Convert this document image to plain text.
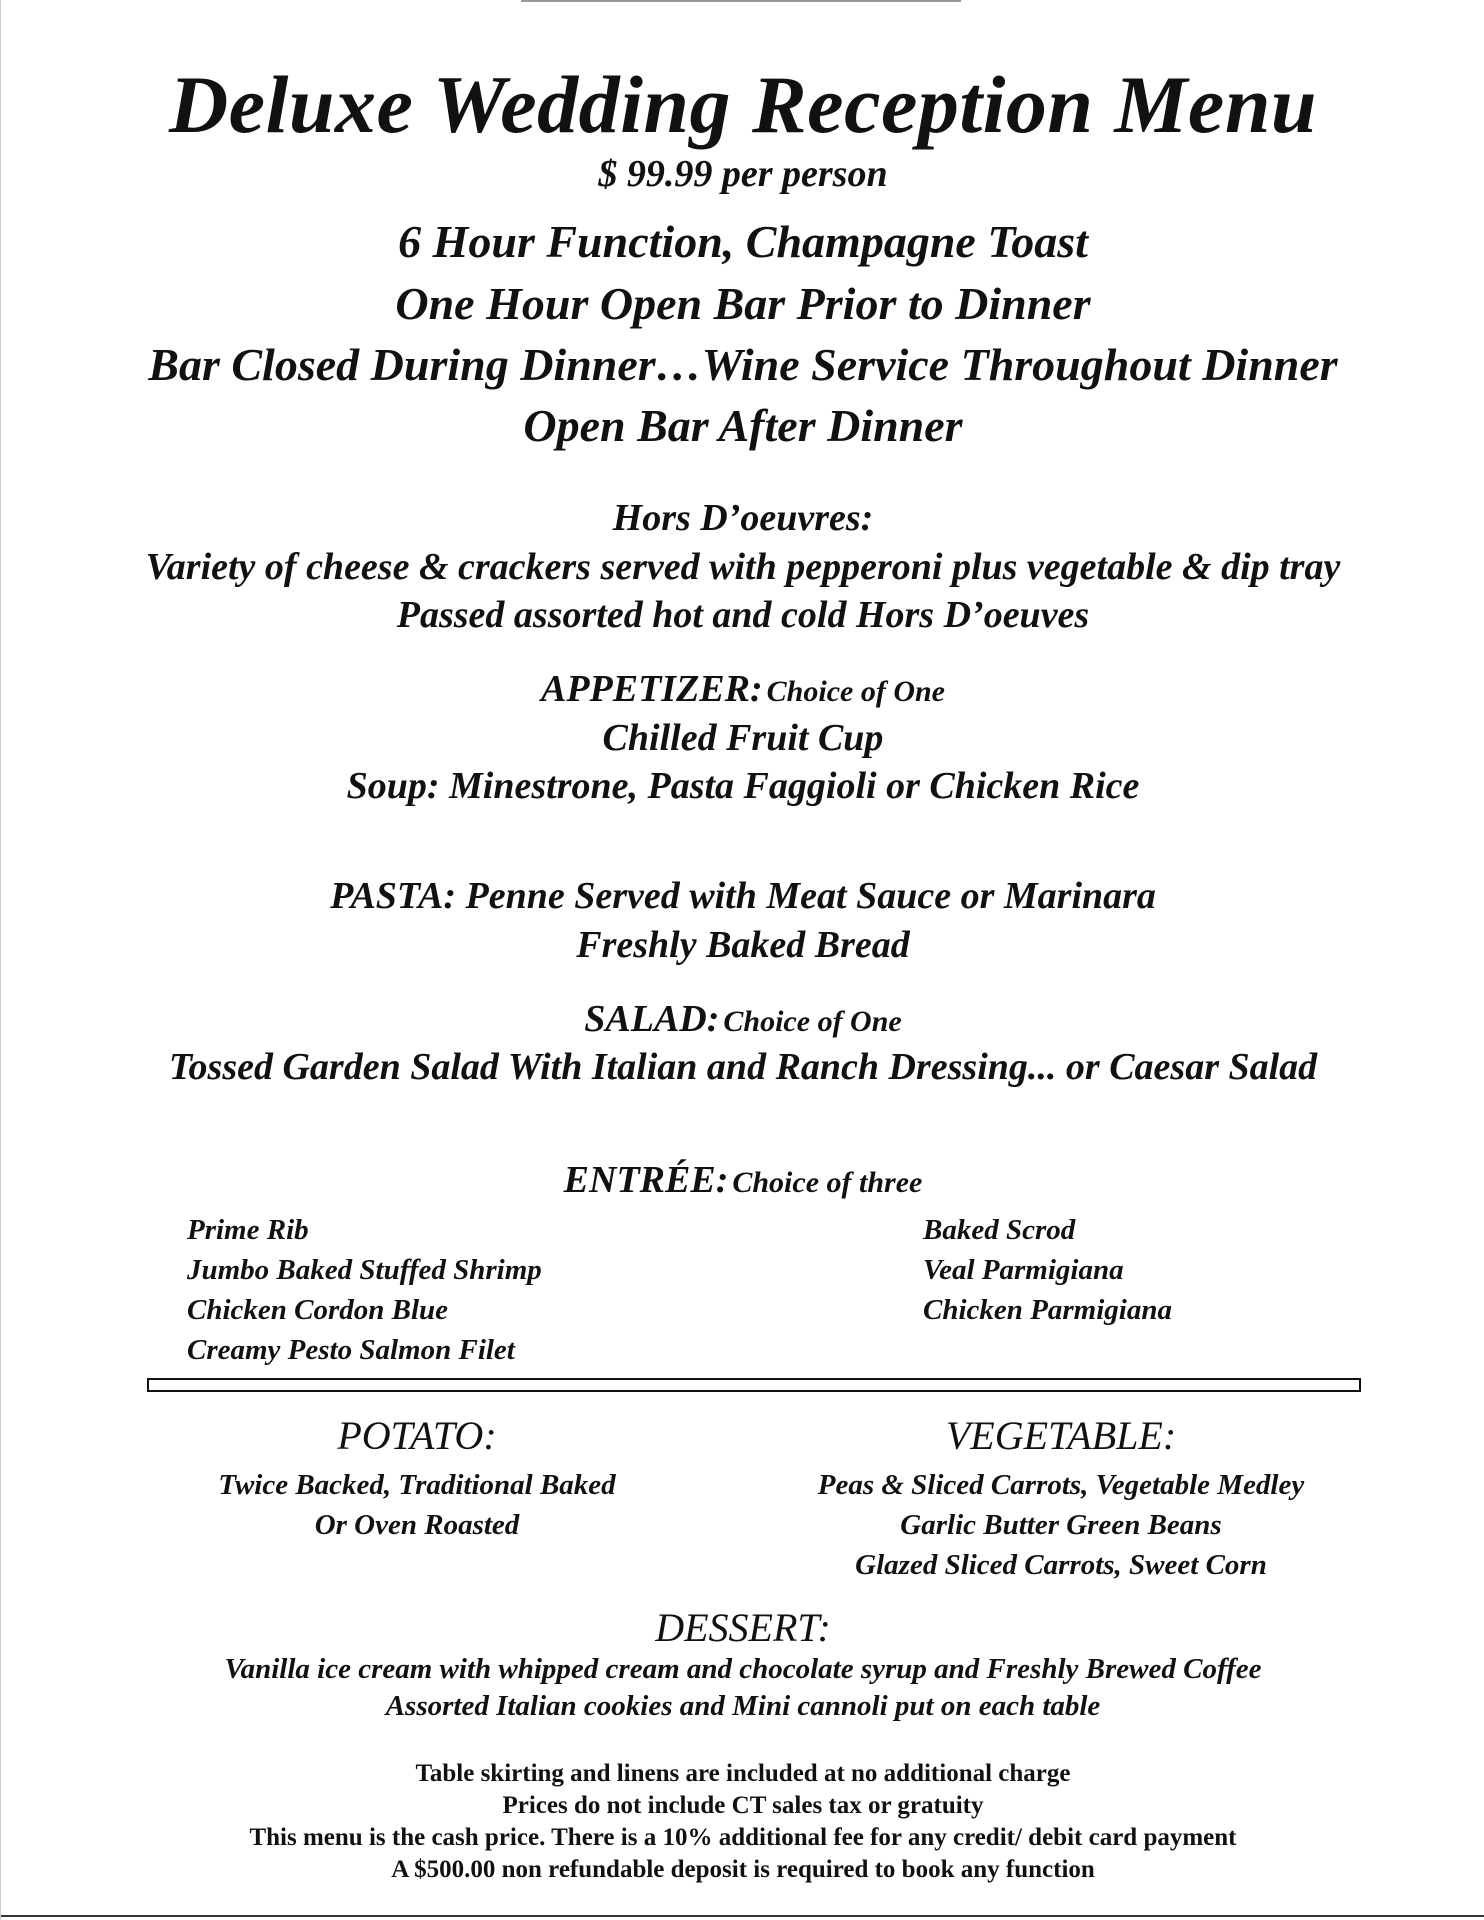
Deluxe Wedding Reception Menu
$ 99.99 per person
6 Hour Function, Champagne Toast
One Hour Open Bar Prior to Dinner
Bar Closed During Dinner…Wine Service Throughout Dinner
Open Bar After Dinner
Hors D’oeuvres:
Variety of cheese & crackers served with pepperoni plus vegetable & dip tray
Passed assorted hot and cold Hors D’oeuves
APPETIZER: Choice of One
Chilled Fruit Cup
Soup: Minestrone, Pasta Faggioli or Chicken Rice
PASTA: Penne Served with Meat Sauce or Marinara
Freshly Baked Bread
SALAD: Choice of One
Tossed Garden Salad With Italian and Ranch Dressing... or Caesar Salad
ENTRÉE: Choice of three
Prime Rib
Jumbo Baked Stuffed Shrimp
Chicken Cordon Blue
Creamy Pesto Salmon Filet
Baked Scrod
Veal Parmigiana
Chicken Parmigiana
POTATO:
Twice Backed, Traditional Baked
Or Oven Roasted
VEGETABLE:
Peas & Sliced Carrots, Vegetable Medley
Garlic Butter Green Beans
Glazed Sliced Carrots, Sweet Corn
DESSERT:
Vanilla ice cream with whipped cream and chocolate syrup and Freshly Brewed Coffee
Assorted Italian cookies and Mini cannoli put on each table
Table skirting and linens are included at no additional charge
Prices do not include CT sales tax or gratuity
This menu is the cash price. There is a 10% additional fee for any credit/ debit card payment
A $500.00 non refundable deposit is required to book any function
